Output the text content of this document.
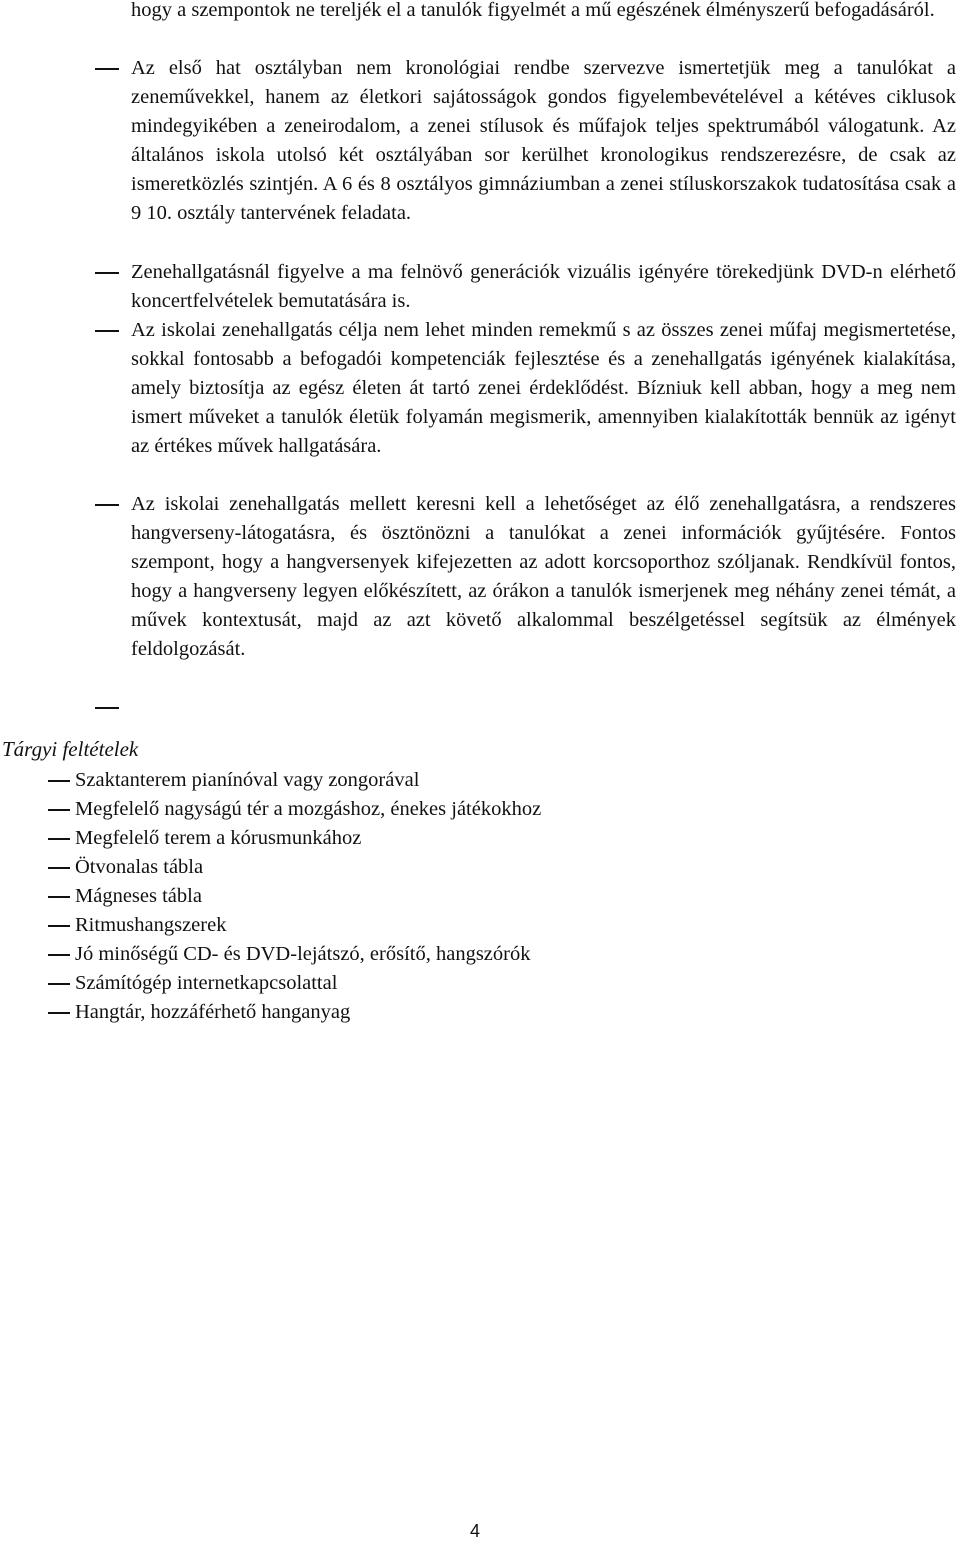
hogy a szempontok ne tereljék el a tanulók figyelmét a mű egészének élményszerű befogadásáról.

Az első hat osztályban nem kronológiai rendbe szervezve ismertetjük meg a tanulókat a zeneművekkel, hanem az életkori sajátosságok gondos figyelembevételével a kétéves ciklusok mindegyikében a zeneirodalom, a zenei stílusok és műfajok teljes spektrumából válogatunk. Az általános iskola utolsó két osztályában sor kerülhet kronologikus rendszerezésre, de csak az ismeretközlés szintjén. A 6 és 8 osztályos gimnáziumban a zenei stíluskorszakok tudatosítása csak a 9 10. osztály tantervének feladata.

Zenehallgatásnál figyelve a ma felnövő generációk vizuális igényére törekedjünk DVD-n elérhető koncertfelvételek bemutatására is.

Az iskolai zenehallgatás célja nem lehet minden remekmű s az összes zenei műfaj megismertetése, sokkal fontosabb a befogadói kompetenciák fejlesztése és a zenehallgatás igényének kialakítása, amely biztosítja az egész életen át tartó zenei érdeklődést. Bízniuk kell abban, hogy a meg nem ismert műveket a tanulók életük folyamán megismerik, amennyiben kialakították bennük az igényt az értékes művek hallgatására.

Az iskolai zenehallgatás mellett keresni kell a lehetőséget az élő zenehallgatásra, a rendszeres hangverseny-látogatásra, és ösztönözni a tanulókat a zenei információk gyűjtésére. Fontos szempont, hogy a hangversenyek kifejezetten az adott korcsoporthoz szóljanak. Rendkívül fontos, hogy a hangverseny legyen előkészített, az órákon a tanulók ismerjenek meg néhány zenei témát, a művek kontextusát, majd az azt követő alkalommal beszélgetéssel segítsük az élmények feldolgozását.

Tárgyi feltételek
Szaktanterem pianínóval vagy zongorával
Megfelelő nagyságú tér a mozgáshoz, énekes játékokhoz
Megfelelő terem a kórusmunkához
Ötvonalas tábla
Mágneses tábla
Ritmushangszerek
Jó minőségű CD- és DVD-lejátszó, erősítő, hangszórók
Számítógép internetkapcsolattal
Hangtár, hozzáférhető hanganyag
4
